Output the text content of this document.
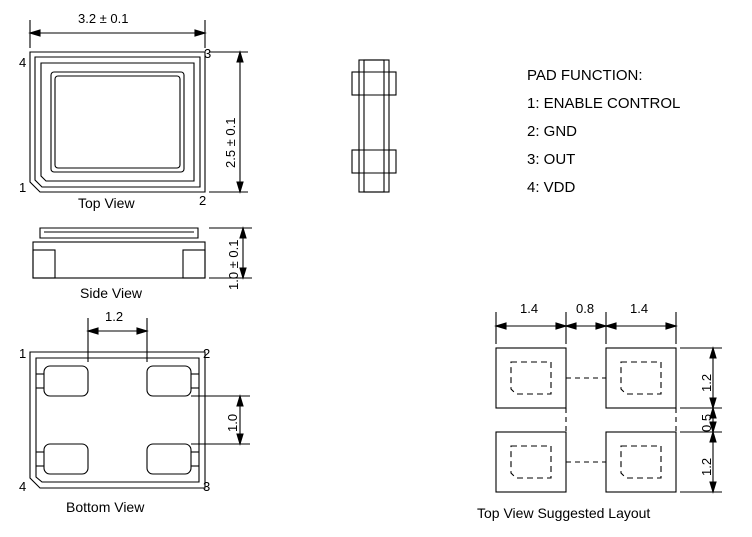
3.2 ± 0.1
2.5 ± 0.1
4
3
1
2
Top View
1.0 ± 0.1
Side View
1.2
1.0
1	2
4	3
Bottom View
PAD FUNCTION:
1: ENABLE CONTROL
2: GND
3: OUT
4: VDD
1.4	0.8	1.4
1.2
0.5
1.2
Top View Suggested Layout
